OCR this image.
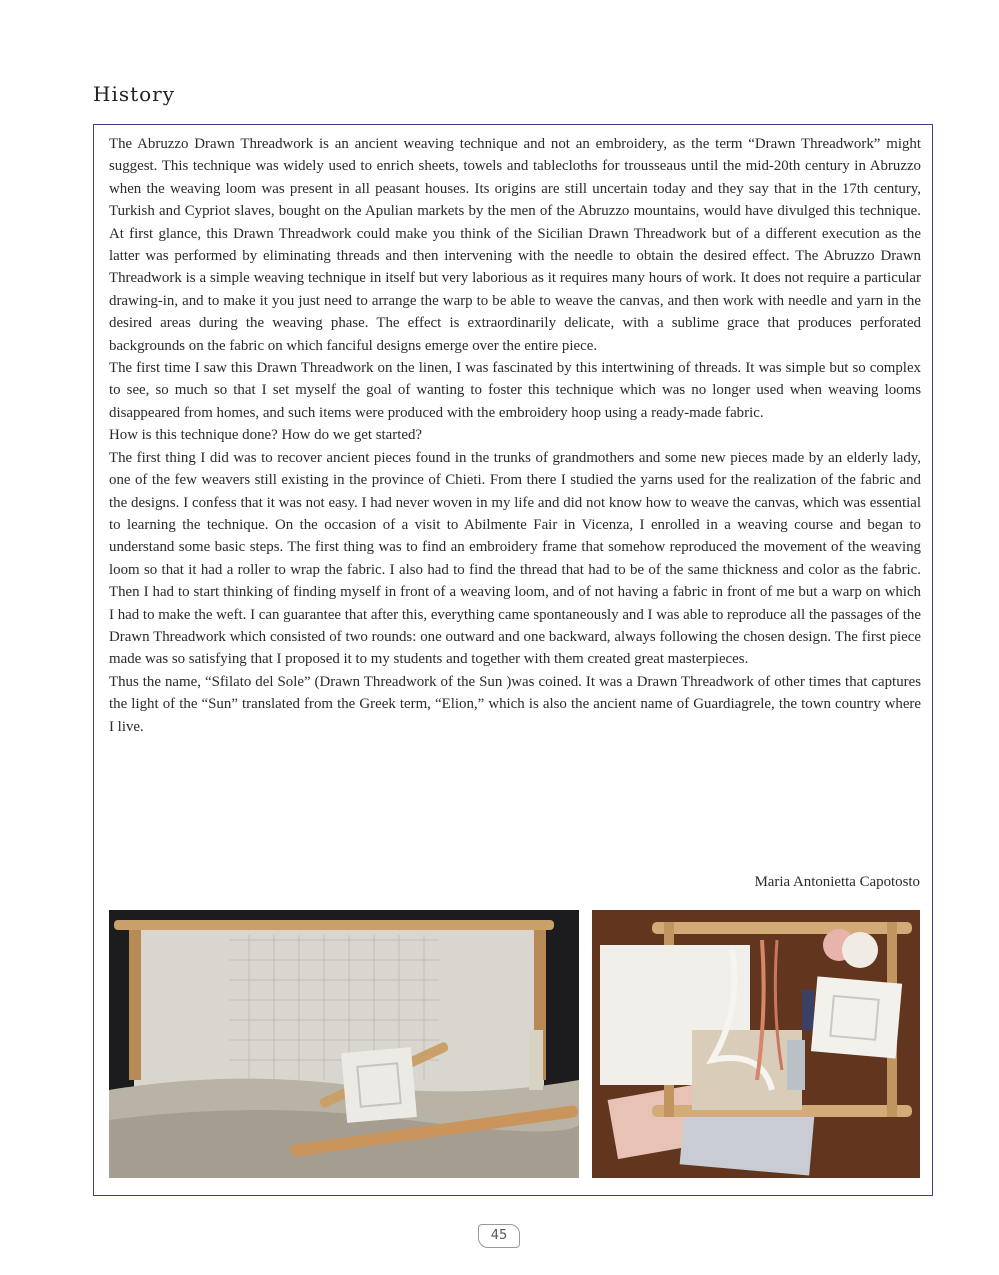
History

The Abruzzo Drawn Threadwork is an ancient weaving technique and not an embroidery, as the term “Drawn Threadwork” might suggest. This technique was widely used to enrich sheets, towels and tablecloths for trousseaus until the mid-20th century in Abruzzo when the weaving loom was present in all peasant houses. Its origins are still uncertain today and they say that in the 17th century, Turkish and Cypriot slaves, bought on the Apulian markets by the men of the Abruzzo mountains, would have divulged this technique. At first glance, this Drawn Threadwork could make you think of the Sicilian Drawn Threadwork but of a different execution as the latter was performed by eliminating threads and then intervening with the needle to obtain the desired effect. The Abruzzo Drawn Threadwork is a simple weaving technique in itself but very laborious as it requires many hours of work. It does not require a particular drawing-in, and to make it you just need to arrange the warp to be able to weave the canvas, and then work with needle and yarn in the desired areas during the weaving phase. The effect is extraordinarily delicate, with a sublime grace that produces perforated backgrounds on the fabric on which fanciful designs emerge over the entire piece.

The first time I saw this Drawn Threadwork on the linen, I was fascinated by this intertwining of threads. It was simple but so complex to see, so much so that I set myself the goal of wanting to foster this technique which was no longer used when weaving looms disappeared from homes, and such items were produced with the embroidery hoop using a ready-made fabric.

How is this technique done? How do we get started?

The first thing I did was to recover ancient pieces found in the trunks of grandmothers and some new pieces made by an elderly lady, one of the few weavers still existing in the province of Chieti. From there I studied the yarns used for the realization of the fabric and the designs. I confess that it was not easy. I had never woven in my life and did not know how to weave the canvas, which was essential to learning the technique. On the occasion of a visit to Abilmente Fair in Vicenza, I enrolled in a weaving course and began to understand some basic steps. The first thing was to find an embroidery frame that somehow reproduced the movement of the weaving loom so that it had a roller to wrap the fabric. I also had to find the thread that had to be of the same thickness and color as the fabric. Then I had to start thinking of finding myself in front of a weaving loom, and of not having a fabric in front of me but a warp on which I had to make the weft. I can guarantee that after this, everything came spontaneously and I was able to reproduce all the passages of the Drawn Threadwork which consisted of two rounds: one outward and one backward, always following the chosen design. The first piece made was so satisfying that I proposed it to my students and together with them created great masterpieces.

Thus the name, “Sfilato del Sole” (Drawn Threadwork of the Sun )was coined. It was a Drawn Threadwork of other times that captures the light of the “Sun” translated from the Greek term, “Elion,” which is also the ancient name of Guardiagrele, the town country where I live.

Maria Antonietta Capotosto
45
